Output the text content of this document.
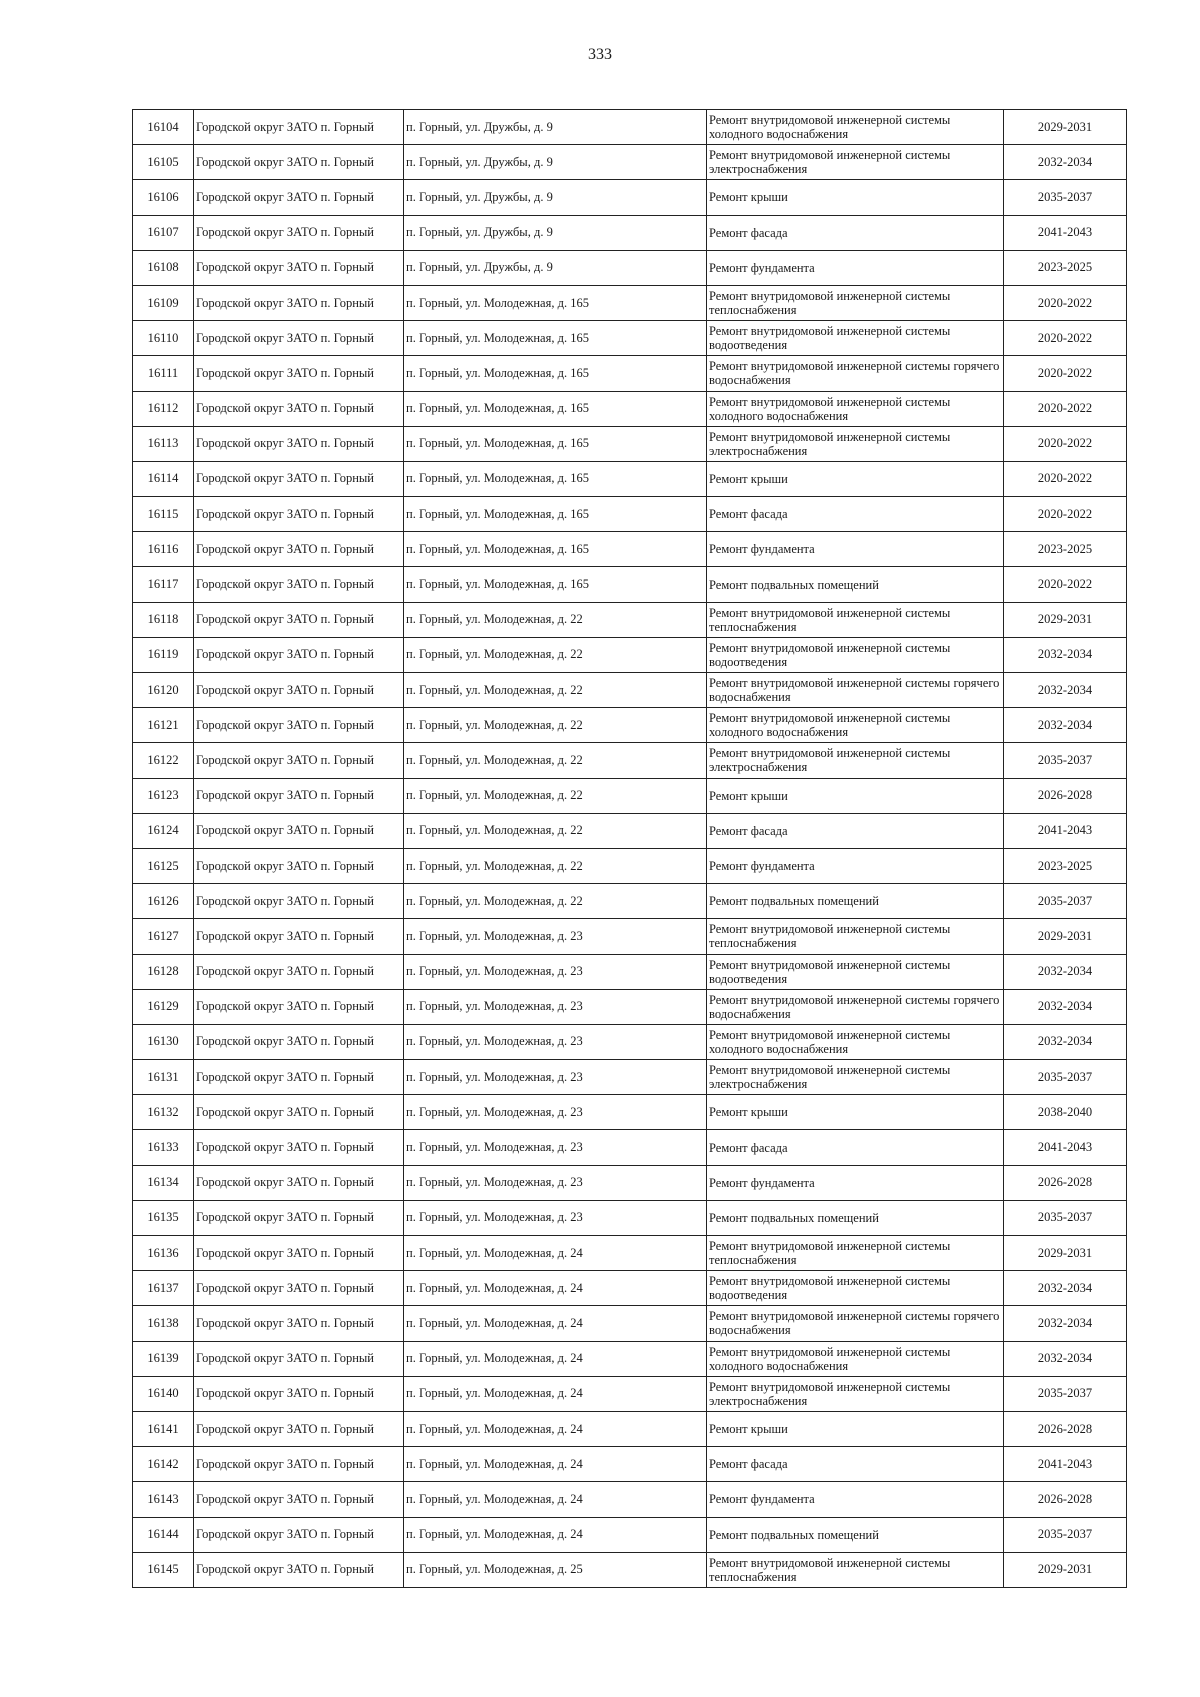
333
16104	Городской округ ЗАТО п. Горный	п. Горный, ул. Дружбы, д. 9	Ремонт внутридомовой инженерной системы холодного водоснабжения	2029-2031
16105	Городской округ ЗАТО п. Горный	п. Горный, ул. Дружбы, д. 9	Ремонт внутридомовой инженерной системы электроснабжения	2032-2034
16106	Городской округ ЗАТО п. Горный	п. Горный, ул. Дружбы, д. 9	Ремонт крыши	2035-2037
16107	Городской округ ЗАТО п. Горный	п. Горный, ул. Дружбы, д. 9	Ремонт фасада	2041-2043
16108	Городской округ ЗАТО п. Горный	п. Горный, ул. Дружбы, д. 9	Ремонт фундамента	2023-2025
16109	Городской округ ЗАТО п. Горный	п. Горный, ул. Молодежная, д. 165	Ремонт внутридомовой инженерной системы теплоснабжения	2020-2022
16110	Городской округ ЗАТО п. Горный	п. Горный, ул. Молодежная, д. 165	Ремонт внутридомовой инженерной системы водоотведения	2020-2022
16111	Городской округ ЗАТО п. Горный	п. Горный, ул. Молодежная, д. 165	Ремонт внутридомовой инженерной системы горячего водоснабжения	2020-2022
16112	Городской округ ЗАТО п. Горный	п. Горный, ул. Молодежная, д. 165	Ремонт внутридомовой инженерной системы холодного водоснабжения	2020-2022
16113	Городской округ ЗАТО п. Горный	п. Горный, ул. Молодежная, д. 165	Ремонт внутридомовой инженерной системы электроснабжения	2020-2022
16114	Городской округ ЗАТО п. Горный	п. Горный, ул. Молодежная, д. 165	Ремонт крыши	2020-2022
16115	Городской округ ЗАТО п. Горный	п. Горный, ул. Молодежная, д. 165	Ремонт фасада	2020-2022
16116	Городской округ ЗАТО п. Горный	п. Горный, ул. Молодежная, д. 165	Ремонт фундамента	2023-2025
16117	Городской округ ЗАТО п. Горный	п. Горный, ул. Молодежная, д. 165	Ремонт подвальных помещений	2020-2022
16118	Городской округ ЗАТО п. Горный	п. Горный, ул. Молодежная, д. 22	Ремонт внутридомовой инженерной системы теплоснабжения	2029-2031
16119	Городской округ ЗАТО п. Горный	п. Горный, ул. Молодежная, д. 22	Ремонт внутридомовой инженерной системы водоотведения	2032-2034
16120	Городской округ ЗАТО п. Горный	п. Горный, ул. Молодежная, д. 22	Ремонт внутридомовой инженерной системы горячего водоснабжения	2032-2034
16121	Городской округ ЗАТО п. Горный	п. Горный, ул. Молодежная, д. 22	Ремонт внутридомовой инженерной системы холодного водоснабжения	2032-2034
16122	Городской округ ЗАТО п. Горный	п. Горный, ул. Молодежная, д. 22	Ремонт внутридомовой инженерной системы электроснабжения	2035-2037
16123	Городской округ ЗАТО п. Горный	п. Горный, ул. Молодежная, д. 22	Ремонт крыши	2026-2028
16124	Городской округ ЗАТО п. Горный	п. Горный, ул. Молодежная, д. 22	Ремонт фасада	2041-2043
16125	Городской округ ЗАТО п. Горный	п. Горный, ул. Молодежная, д. 22	Ремонт фундамента	2023-2025
16126	Городской округ ЗАТО п. Горный	п. Горный, ул. Молодежная, д. 22	Ремонт подвальных помещений	2035-2037
16127	Городской округ ЗАТО п. Горный	п. Горный, ул. Молодежная, д. 23	Ремонт внутридомовой инженерной системы теплоснабжения	2029-2031
16128	Городской округ ЗАТО п. Горный	п. Горный, ул. Молодежная, д. 23	Ремонт внутридомовой инженерной системы водоотведения	2032-2034
16129	Городской округ ЗАТО п. Горный	п. Горный, ул. Молодежная, д. 23	Ремонт внутридомовой инженерной системы горячего водоснабжения	2032-2034
16130	Городской округ ЗАТО п. Горный	п. Горный, ул. Молодежная, д. 23	Ремонт внутридомовой инженерной системы холодного водоснабжения	2032-2034
16131	Городской округ ЗАТО п. Горный	п. Горный, ул. Молодежная, д. 23	Ремонт внутридомовой инженерной системы электроснабжения	2035-2037
16132	Городской округ ЗАТО п. Горный	п. Горный, ул. Молодежная, д. 23	Ремонт крыши	2038-2040
16133	Городской округ ЗАТО п. Горный	п. Горный, ул. Молодежная, д. 23	Ремонт фасада	2041-2043
16134	Городской округ ЗАТО п. Горный	п. Горный, ул. Молодежная, д. 23	Ремонт фундамента	2026-2028
16135	Городской округ ЗАТО п. Горный	п. Горный, ул. Молодежная, д. 23	Ремонт подвальных помещений	2035-2037
16136	Городской округ ЗАТО п. Горный	п. Горный, ул. Молодежная, д. 24	Ремонт внутридомовой инженерной системы теплоснабжения	2029-2031
16137	Городской округ ЗАТО п. Горный	п. Горный, ул. Молодежная, д. 24	Ремонт внутридомовой инженерной системы водоотведения	2032-2034
16138	Городской округ ЗАТО п. Горный	п. Горный, ул. Молодежная, д. 24	Ремонт внутридомовой инженерной системы горячего водоснабжения	2032-2034
16139	Городской округ ЗАТО п. Горный	п. Горный, ул. Молодежная, д. 24	Ремонт внутридомовой инженерной системы холодного водоснабжения	2032-2034
16140	Городской округ ЗАТО п. Горный	п. Горный, ул. Молодежная, д. 24	Ремонт внутридомовой инженерной системы электроснабжения	2035-2037
16141	Городской округ ЗАТО п. Горный	п. Горный, ул. Молодежная, д. 24	Ремонт крыши	2026-2028
16142	Городской округ ЗАТО п. Горный	п. Горный, ул. Молодежная, д. 24	Ремонт фасада	2041-2043
16143	Городской округ ЗАТО п. Горный	п. Горный, ул. Молодежная, д. 24	Ремонт фундамента	2026-2028
16144	Городской округ ЗАТО п. Горный	п. Горный, ул. Молодежная, д. 24	Ремонт подвальных помещений	2035-2037
16145	Городской округ ЗАТО п. Горный	п. Горный, ул. Молодежная, д. 25	Ремонт внутридомовой инженерной системы теплоснабжения	2029-2031
